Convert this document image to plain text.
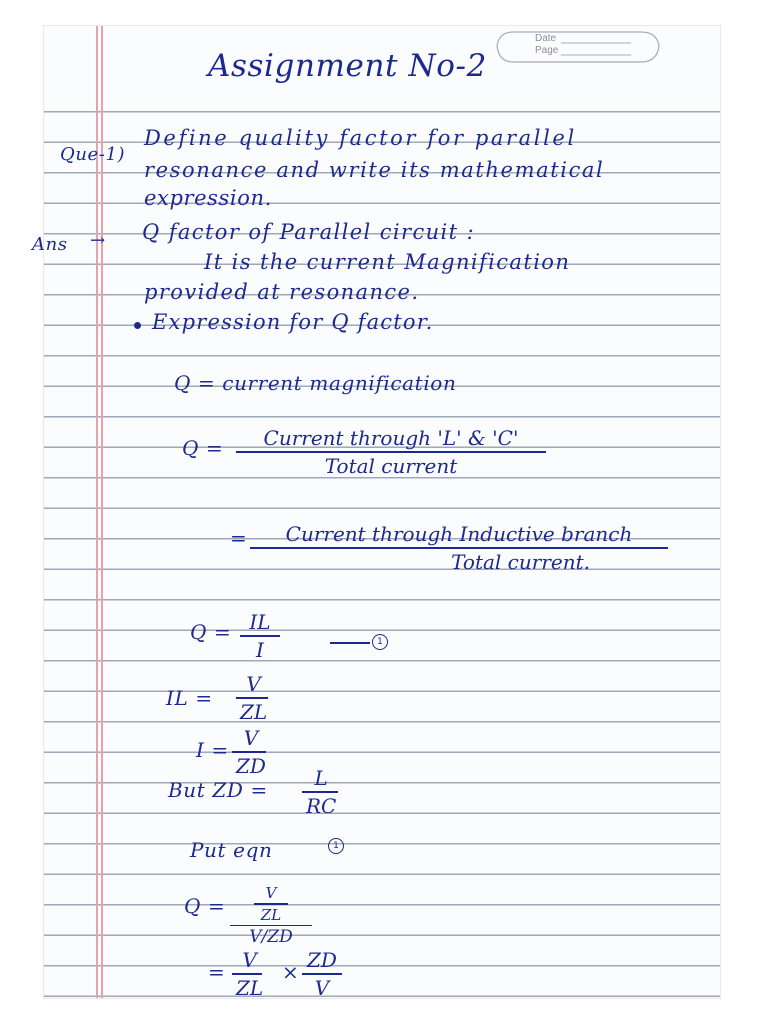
Date
Page
Assignment No-2
Que-1)
Define quality factor for parallel
resonance and write its mathematical
expression.
Ans → Q factor of Parallel circuit :
It is the current Magnification
provided at resonance.
Expression for Q factor.
Q = current magnification
Q = Current through 'L' & 'C'
Total current
= Current through Inductive branch
Total current.
Q = IL
I	1
IL =
V
ZL
I = V
ZD
But ZD = L
RC
Put eqn	1
Q =
V
ZL
V/ZD
= V
ZL
× ZD
V
